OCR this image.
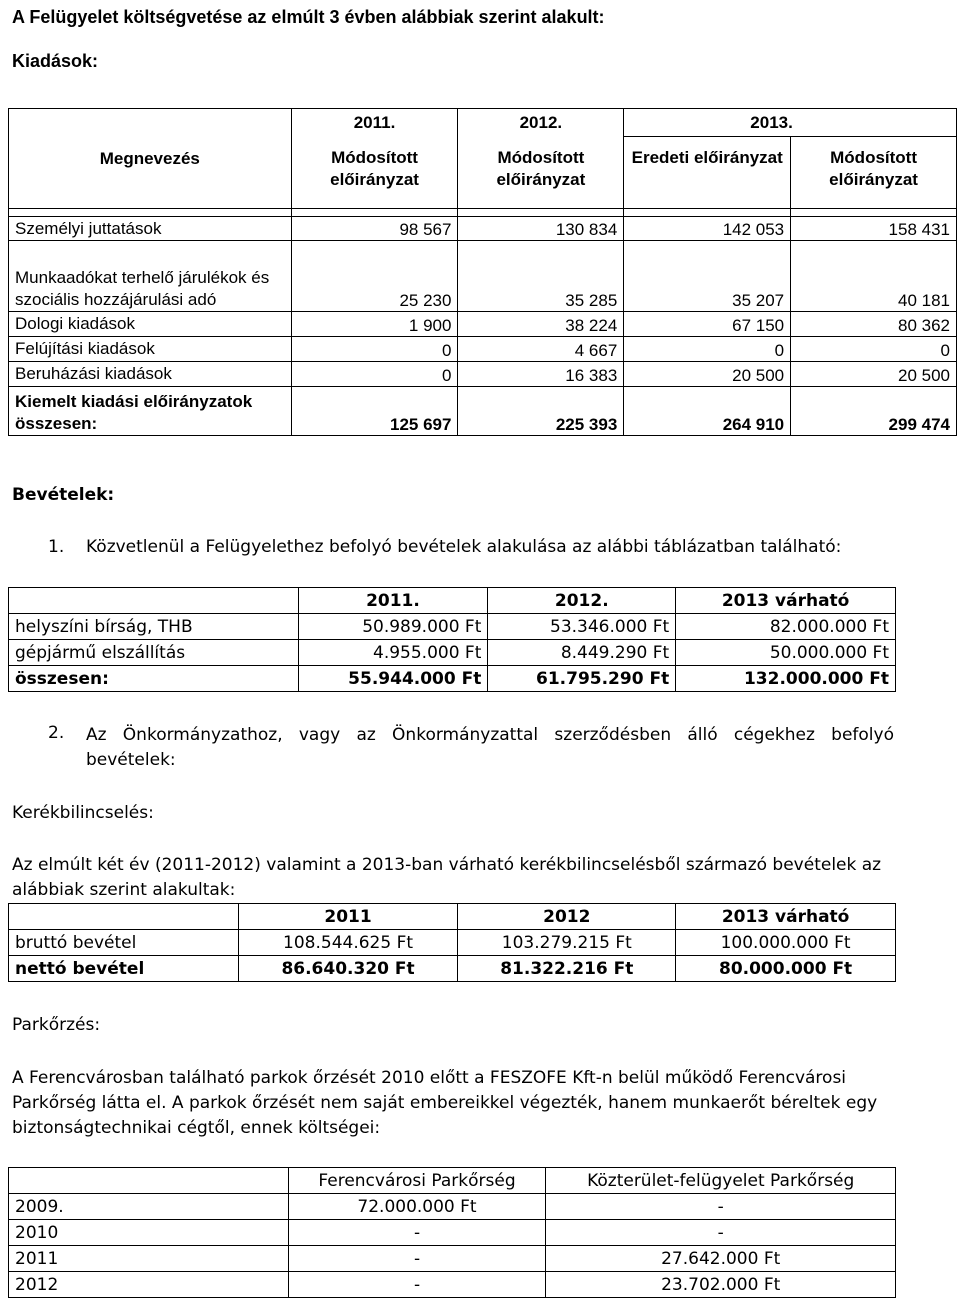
A Felügyelet költségvetése az elmúlt 3 évben alábbiak szerint alakult:
Kiadások:
Megnevezés	2011.	2012.	2013.	
	Módosított előirányzat	Módosított előirányzat	Eredeti előirányzat	Módosított előirányzat

Személyi juttatások	98 567	130 834	142 053	158 431
Munkaadókat terhelő járulékok és szociális hozzájárulási adó	25 230	35 285	35 207	40 181
Dologi kiadások	1 900	38 224	67 150	80 362
Felújítási kiadások	0	4 667	0	0
Beruházási kiadások	0	16 383	20 500	20 500
Kiemelt kiadási előirányzatok összesen:	125 697	225 393	264 910	299 474
Bevételek:
1. Közvetlenül a Felügyelethez befolyó bevételek alakulása az alábbi táblázatban található:
	2011.	2012.	2013 várható
helyszíni bírság, THB	50.989.000 Ft	53.346.000 Ft	82.000.000 Ft
gépjármű elszállítás	4.955.000 Ft	8.449.290 Ft	50.000.000 Ft
összesen:	55.944.000 Ft	61.795.290 Ft	132.000.000 Ft
2. Az Önkormányzathoz, vagy az Önkormányzattal szerződésben álló cégekhez befolyó bevételek:
Kerékbilincselés:
Az elmúlt két év (2011-2012) valamint a 2013-ban várható kerékbilincselésből származó bevételek az alábbiak szerint alakultak:
	2011	2012	2013 várható
bruttó bevétel	108.544.625 Ft	103.279.215 Ft	100.000.000 Ft
nettó bevétel	86.640.320 Ft	81.322.216 Ft	80.000.000 Ft
Parkőrzés:
A Ferencvárosban található parkok őrzését 2010 előtt a FESZOFE Kft-n belül működő Ferencvárosi Parkőrség látta el. A parkok őrzését nem saját embereikkel végezték, hanem munkaerőt béreltek egy biztonságtechnikai cégtől, ennek költségei:
	Ferencvárosi Parkőrség	Közterület-felügyelet Parkőrség
2009.	72.000.000 Ft	-
2010	-	-
2011	-	27.642.000 Ft
2012	-	23.702.000 Ft
